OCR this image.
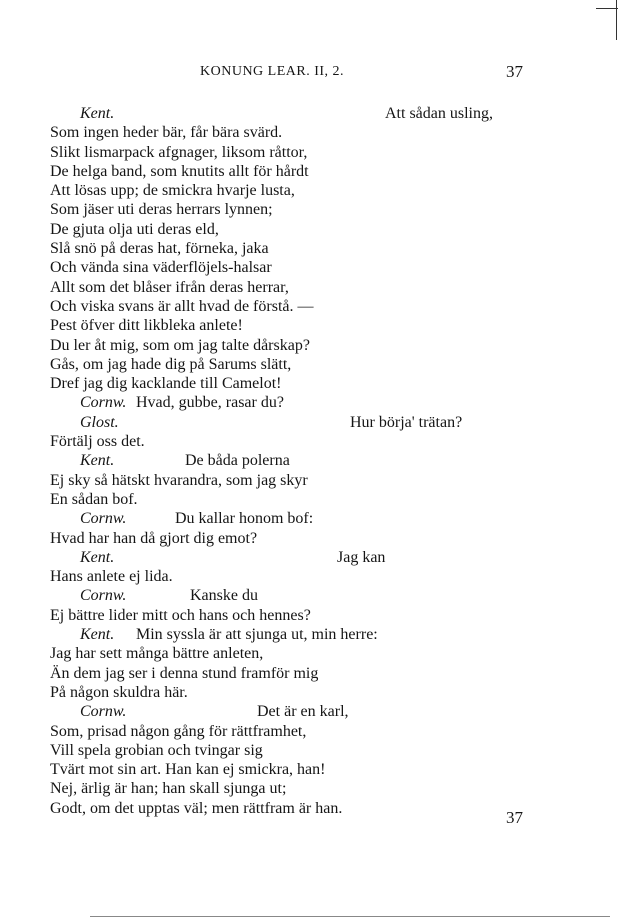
KONUNG LEAR. II, 2.	37
Kent.	Att sådan usling,
Som ingen heder bär, får bära svärd.
Slikt lismarpack afgnager, liksom råttor,
De helga band, som knutits allt för hårdt
Att lösas upp; de smickra hvarje lusta,
Som jäser uti deras herrars lynnen;
De gjuta olja uti deras eld,
Slå snö på deras hat, förneka, jaka
Och vända sina väderflöjels-halsar
Allt som det blåser ifrån deras herrar,
Och viska svans är allt hvad de förstå. —
Pest öfver ditt likbleka anlete!
Du ler åt mig, som om jag talte dårskap?
Gås, om jag hade dig på Sarums slätt,
Dref jag dig kacklande till Camelot!
Cornw. Hvad, gubbe, rasar du?
Glost.	Hur börja' trätan?
Förtälj oss det.
Kent.	De båda polerna
Ej sky så hätskt hvarandra, som jag skyr
En sådan bof.
Cornw.	Du kallar honom bof:
Hvad har han då gjort dig emot?
Kent.	Jag kan
Hans anlete ej lida.
Cornw.	Kanske du
Ej bättre lider mitt och hans och hennes?
Kent. Min syssla är att sjunga ut, min herre:
Jag har sett många bättre anleten,
Än dem jag ser i denna stund framför mig
På någon skuldra här.
Cornw.	Det är en karl,
Som, prisad någon gång för rättframhet,
Vill spela grobian och tvingar sig
Tvärt mot sin art. Han kan ej smickra, han!
Nej, ärlig är han; han skall sjunga ut;
Godt, om det upptas väl; men rättfram är han.	37
